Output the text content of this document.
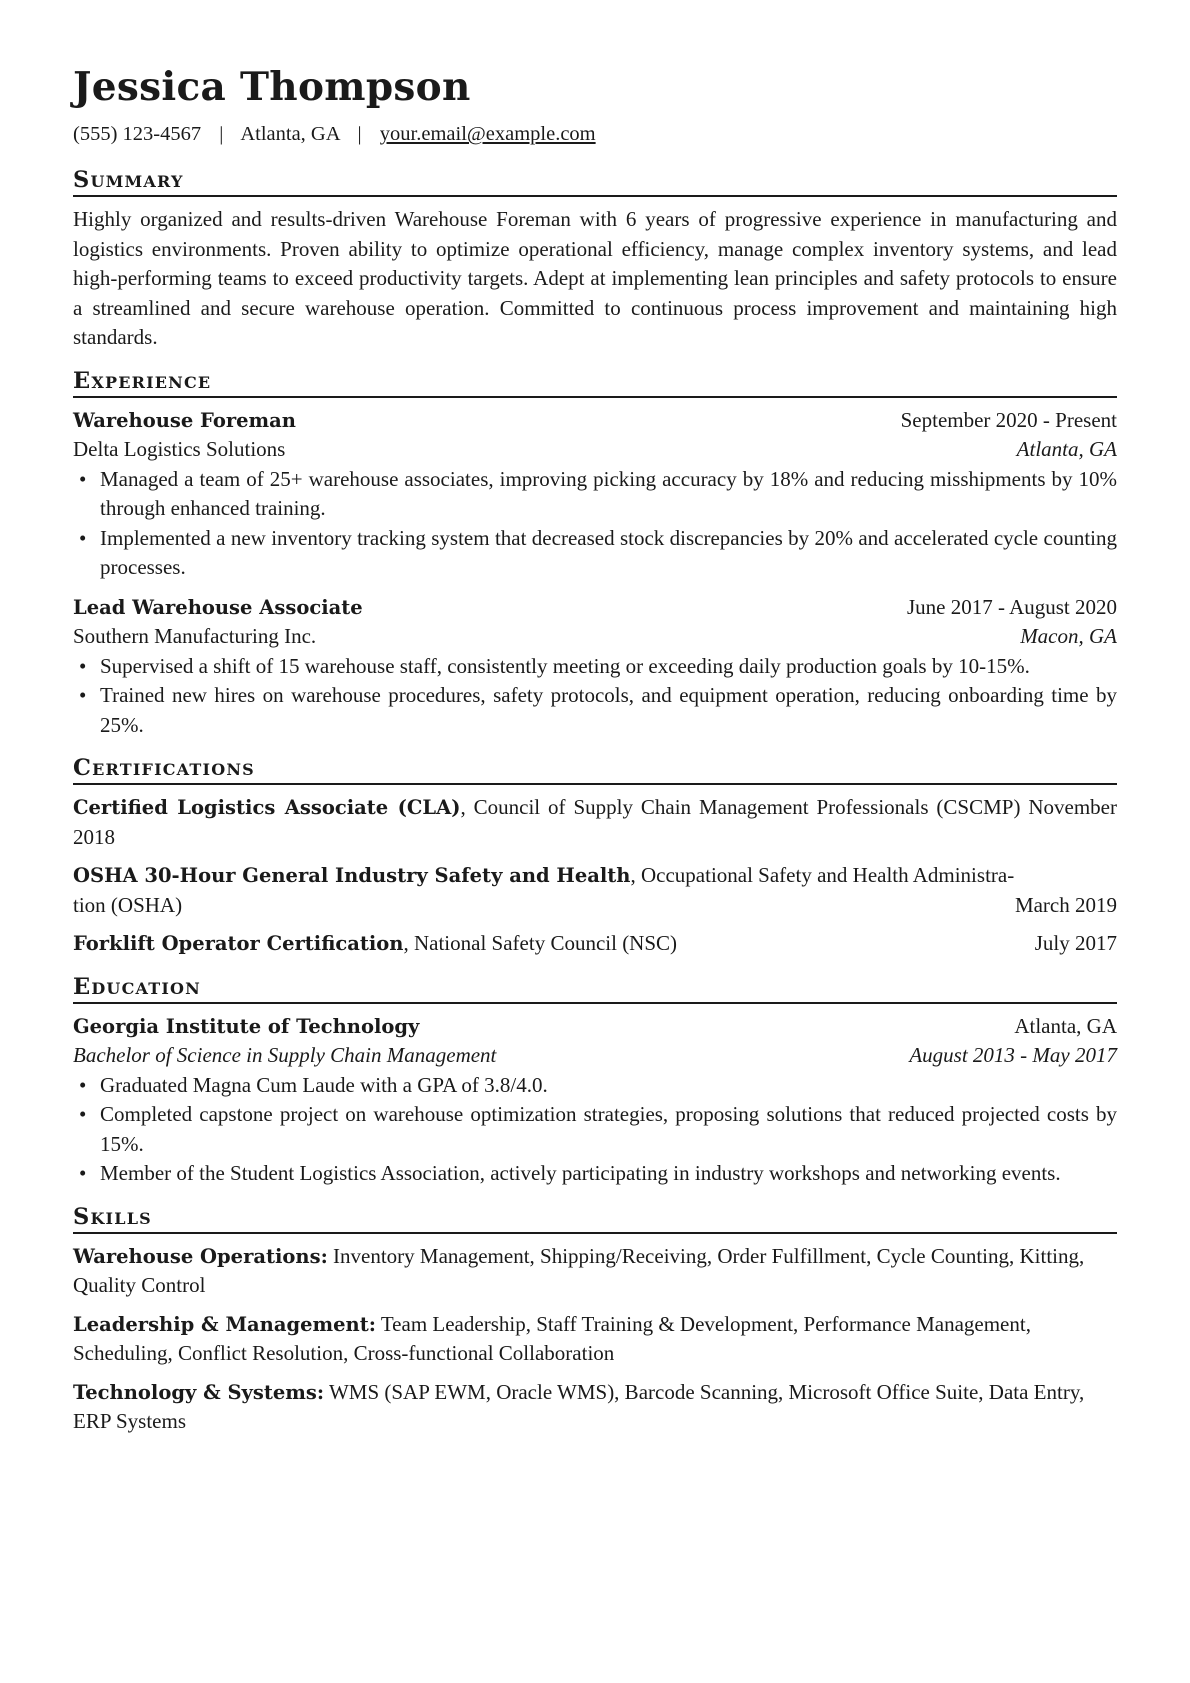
Jessica Thompson
(555) 123-4567 | Atlanta, GA | your.email@example.com
Summary
Highly organized and results-driven Warehouse Foreman with 6 years of progressive experience in manufacturing and logistics environments. Proven ability to optimize operational efficiency, manage complex inventory systems, and lead high-performing teams to exceed productivity targets. Adept at implementing lean principles and safety protocols to ensure a streamlined and secure warehouse operation. Committed to continuous process improvement and maintaining high standards.
Experience
Warehouse Foreman	September 2020 - Present
Delta Logistics Solutions	Atlanta, GA
• Managed a team of 25+ warehouse associates, improving picking accuracy by 18% and reducing misshipments by 10% through enhanced training.
• Implemented a new inventory tracking system that decreased stock discrepancies by 20% and accelerated cycle counting processes.
Lead Warehouse Associate	June 2017 - August 2020
Southern Manufacturing Inc.	Macon, GA
• Supervised a shift of 15 warehouse staff, consistently meeting or exceeding daily production goals by 10-15%.
• Trained new hires on warehouse procedures, safety protocols, and equipment operation, reducing onboarding time by 25%.
Certifications
Certified Logistics Associate (CLA), Council of Supply Chain Management Professionals (CSCMP) November 2018
OSHA 30-Hour General Industry Safety and Health, Occupational Safety and Health Administra-
tion (OSHA)	March 2019
Forklift Operator Certification, National Safety Council (NSC)	July 2017
Education
Georgia Institute of Technology	Atlanta, GA
Bachelor of Science in Supply Chain Management	August 2013 - May 2017
• Graduated Magna Cum Laude with a GPA of 3.8/4.0.
• Completed capstone project on warehouse optimization strategies, proposing solutions that reduced projected costs by 15%.
• Member of the Student Logistics Association, actively participating in industry workshops and networking events.
Skills
Warehouse Operations: Inventory Management, Shipping/Receiving, Order Fulfillment, Cycle Counting, Kitting, Quality Control
Leadership & Management: Team Leadership, Staff Training & Development, Performance Management, Scheduling, Conflict Resolution, Cross-functional Collaboration
Technology & Systems: WMS (SAP EWM, Oracle WMS), Barcode Scanning, Microsoft Office Suite, Data Entry, ERP Systems
